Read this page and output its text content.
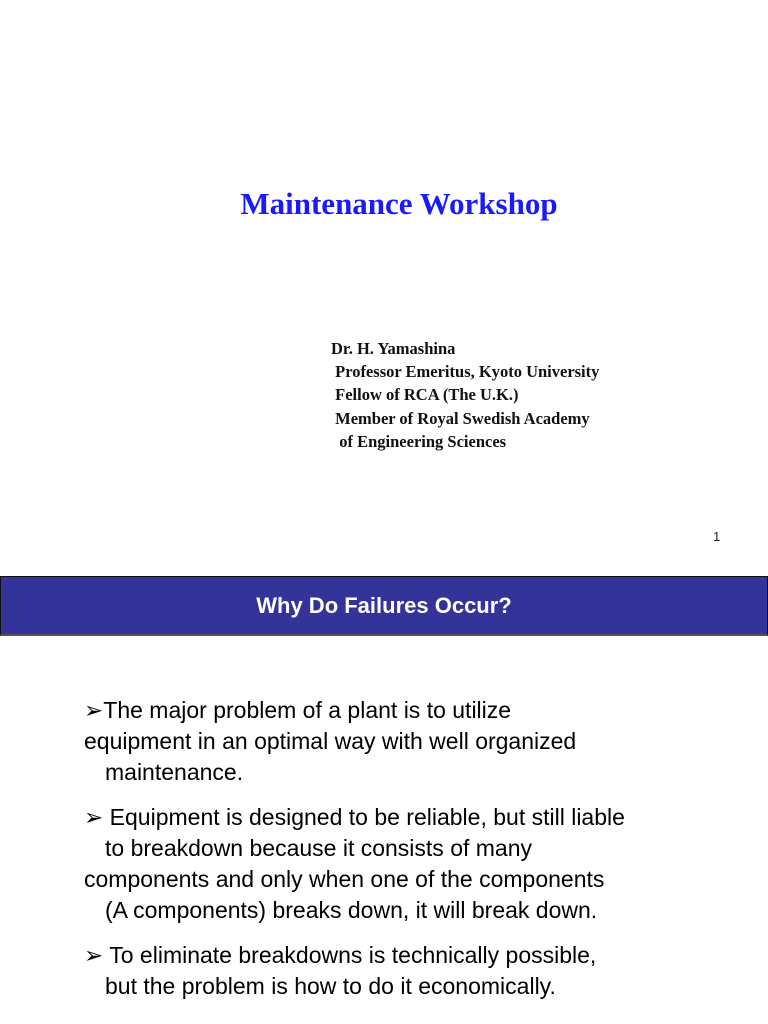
Maintenance Workshop
Dr. H. Yamashina
Professor Emeritus, Kyoto University
Fellow of RCA (The U.K.)
Member of Royal Swedish Academy
of Engineering Sciences
1
Why Do Failures Occur?
➢The major problem of a plant is to utilize
equipment in an optimal way with well organized
maintenance.
➢ Equipment is designed to be reliable, but still liable
to breakdown because it consists of many
components and only when one of the components
(A components) breaks down, it will break down.
➢ To eliminate breakdowns is technically possible,
but the problem is how to do it economically.
